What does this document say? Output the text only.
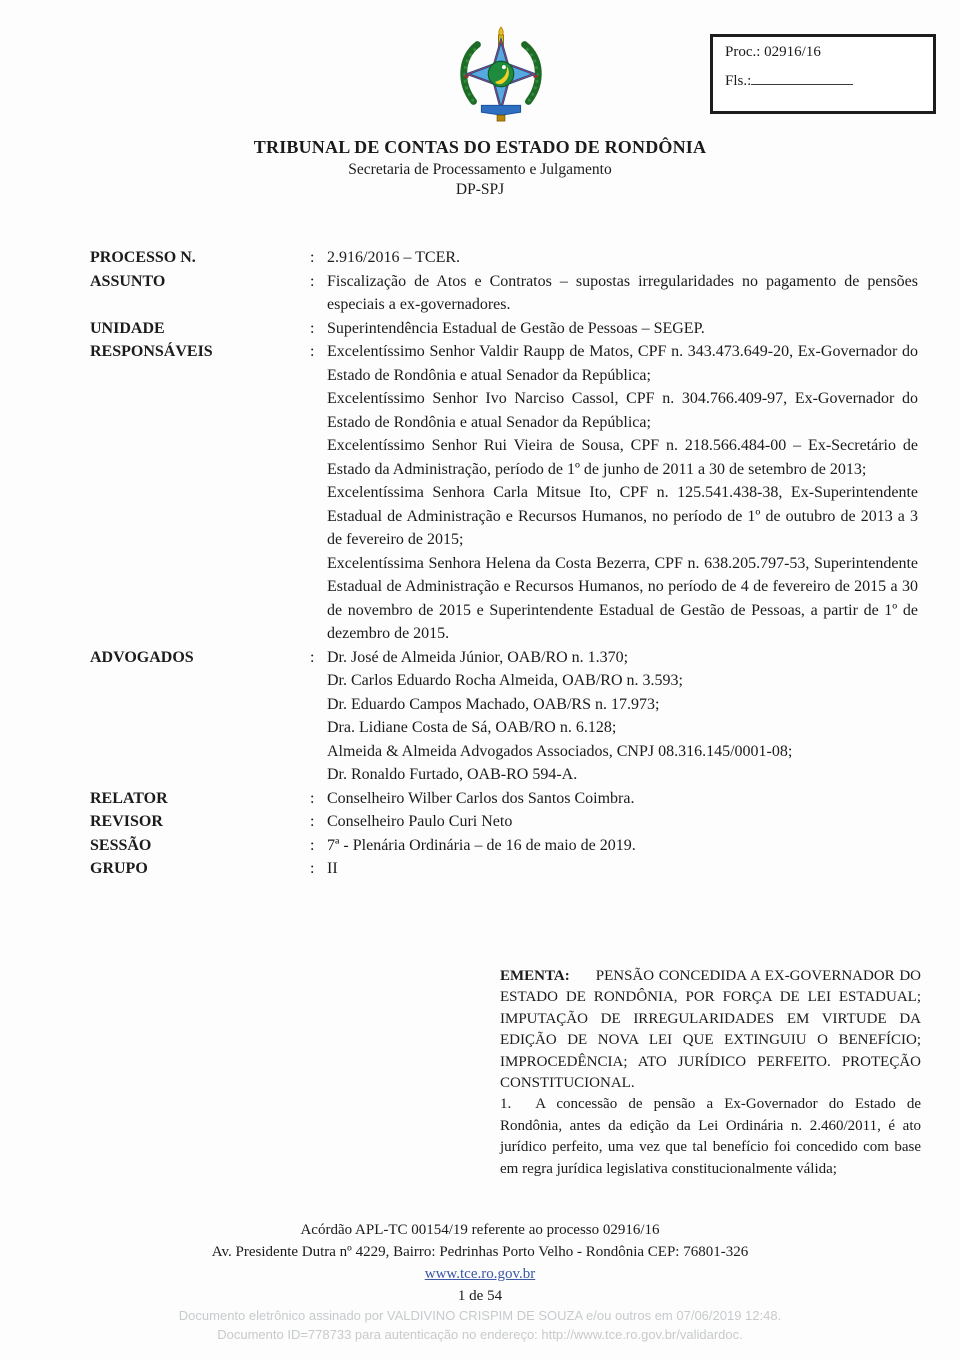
Proc.: 02916/16
Fls.:
TRIBUNAL DE CONTAS DO ESTADO DE RONDÔNIA
Secretaria de Processamento e Julgamento
DP-SPJ
PROCESSO N.	: 2.916/2016 – TCER.
ASSUNTO	: Fiscalização de Atos e Contratos – supostas irregularidades no pagamento de pensões especiais a ex-governadores.
UNIDADE	: Superintendência Estadual de Gestão de Pessoas – SEGEP.
RESPONSÁVEIS	: Excelentíssimo Senhor Valdir Raupp de Matos, CPF n. 343.473.649-20, Ex-Governador do Estado de Rondônia e atual Senador da República;

Excelentíssimo Senhor Ivo Narciso Cassol, CPF n. 304.766.409-97, Ex-Governador do Estado de Rondônia e atual Senador da República;

Excelentíssimo Senhor Rui Vieira de Sousa, CPF n. 218.566.484-00 – Ex-Secretário de Estado da Administração, período de 1º de junho de 2011 a 30 de setembro de 2013;

Excelentíssima Senhora Carla Mitsue Ito, CPF n. 125.541.438-38, Ex-Superintendente Estadual de Administração e Recursos Humanos, no período de 1º de outubro de 2013 a 3 de fevereiro de 2015;

Excelentíssima Senhora Helena da Costa Bezerra, CPF n. 638.205.797-53, Superintendente Estadual de Administração e Recursos Humanos, no período de 4 de fevereiro de 2015 a 30 de novembro de 2015 e Superintendente Estadual de Gestão de Pessoas, a partir de 1º de dezembro de 2015.

ADVOGADOS	: Dr. José de Almeida Júnior, OAB/RO n. 1.370;

Dr. Carlos Eduardo Rocha Almeida, OAB/RO n. 3.593;

Dr. Eduardo Campos Machado, OAB/RS n. 17.973;

Dra. Lidiane Costa de Sá, OAB/RO n. 6.128;

Almeida & Almeida Advogados Associados, CNPJ 08.316.145/0001-08;

Dr. Ronaldo Furtado, OAB-RO 594-A.

RELATOR	: Conselheiro Wilber Carlos dos Santos Coimbra.
REVISOR	: Conselheiro Paulo Curi Neto
SESSÃO	: 7ª - Plenária Ordinária – de 16 de maio de 2019.
GRUPO	: II
EMENTA: PENSÃO CONCEDIDA A EX-GOVERNADOR DO ESTADO DE RONDÔNIA, POR FORÇA DE LEI ESTADUAL; IMPUTAÇÃO DE IRREGULARIDADES EM VIRTUDE DA EDIÇÃO DE NOVA LEI QUE EXTINGUIU O BENEFÍCIO; IMPROCEDÊNCIA; ATO JURÍDICO PERFEITO. PROTEÇÃO CONSTITUCIONAL.
1. A concessão de pensão a Ex-Governador do Estado de Rondônia, antes da edição da Lei Ordinária n. 2.460/2011, é ato jurídico perfeito, uma vez que tal benefício foi concedido com base em regra jurídica legislativa constitucionalmente válida;
Acórdão APL-TC 00154/19 referente ao processo 02916/16
Av. Presidente Dutra nº 4229, Bairro: Pedrinhas Porto Velho - Rondônia CEP: 76801-326
www.tce.ro.gov.br
1 de 54
Documento eletrônico assinado por VALDIVINO CRISPIM DE SOUZA e/ou outros em 07/06/2019 12:48.
Documento ID=778733 para autenticação no endereço: http://www.tce.ro.gov.br/validardoc.
